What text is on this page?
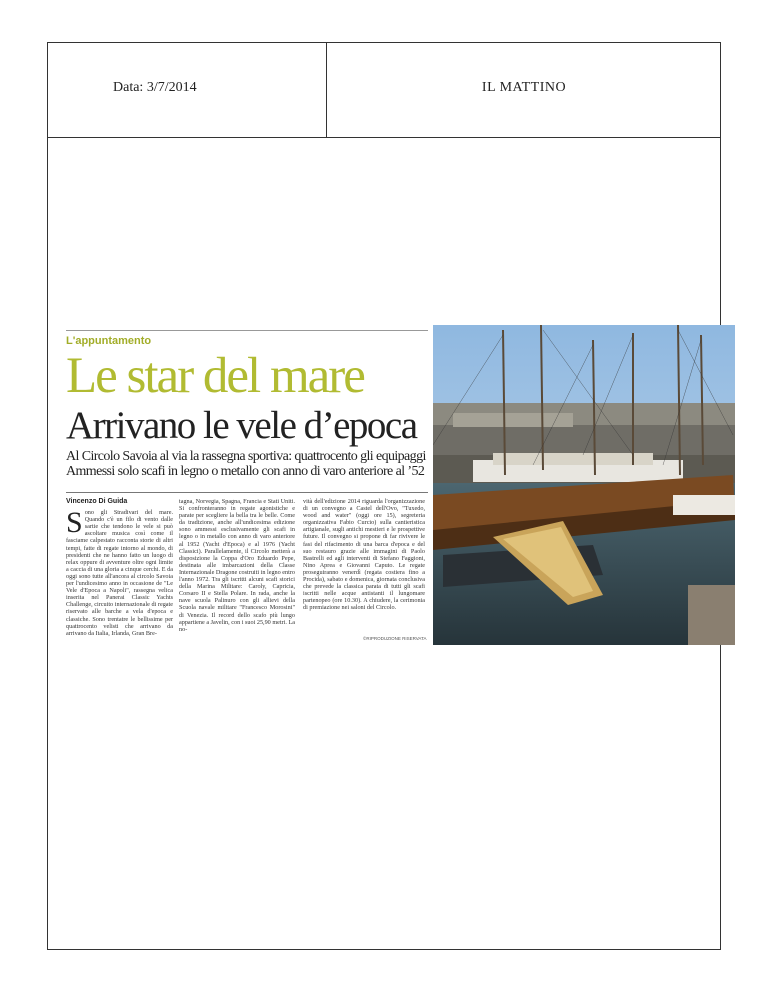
Data: 3/7/2014	IL MATTINO
L'appuntamento
Le star del mare
Arrivano le vele d’epoca
Al Circolo Savoia al via la rassegna sportiva: quattrocento gli equipaggi
Ammessi solo scafi in legno o metallo con anno di varo anteriore al ’52
Vincenzo Di Guida
S ono gli Stradivari del mare. Quando c'è un filo di vento dalle sartie che tendono le vele si può ascoltare musica così come il fasciame calpestato racconta storie di altri tempi, fatte di regate intorno al mondo, di presidenti che ne hanno fatto un luogo di relax oppure di avventure oltre ogni limite a caccia di una gloria a cinque cerchi. E da oggi sono tutte all'ancora al circolo Savoia per l'undicesimo anno in occasione de "Le Vele d'Epoca a Napoli", rassegna velica inserita nel Panerai Classic Yachts Challenge, circuito internazionale di regate riservato alle barche a vela d'epoca e classiche. Sono trentatre le bellissime per quattrocento velisti che arrivano da arrivano da Italia, Irlanda, Gran Bre-
tagna, Norvegia, Spagna, Francia e Stati Uniti. Si confronteranno in regate agonistiche e parate per scegliere la bella tra le belle. Come da tradizione, anche all'undicesima edizione sono ammessi esclusivamente gli scafi in legno o in metallo con anno di varo anteriore al 1952 (Yacht d'Epoca) e al 1976 (Yacht Classici). Parallelamente, il Circolo metterà a disposizione la Coppa d'Oro Eduardo Pepe, destinata alle imbarcazioni della Classe Internazionale Dragone costruiti in legno entro l'anno 1972. Tra gli iscritti alcuni scafi storici della Marina Militare: Caroly, Capricia, Corsaro II e Stella Polare. In rada, anche la nave scuola Palinuro con gli allievi della Scuola navale militare "Francesco Morosini" di Venezia. Il record dello scafo più lungo appartiene a Javelin, con i suoi 25,90 metri. La no-
vità dell'edizione 2014 riguarda l'organizzazione di un convegno a Castel dell'Ovo, "Tuxedo, wood and water" (oggi ore 15), segreteria organizzativa Fabio Curcio) sulla cantieristica artigianale, sugli antichi mestieri e le prospettive future. Il convegno si propone di far rivivere le fasi del rifacimento di una barca d'epoca e del suo restauro grazie alle immagini di Paolo Bastrelli ed agli interventi di Stefano Faggioni, Nino Aprea e Giovanni Caputo. Le regate proseguiranno venerdì (regata costiera fino a Procida), sabato e domenica, giornata conclusiva che prevede la classica parata di tutti gli scafi iscritti nelle acque antistanti il lungomare partenopeo (ore 10.30). A chiudere, la cerimonia di premiazione nei saloni del Circolo.
©RIPRODUZIONE RISERVATA
